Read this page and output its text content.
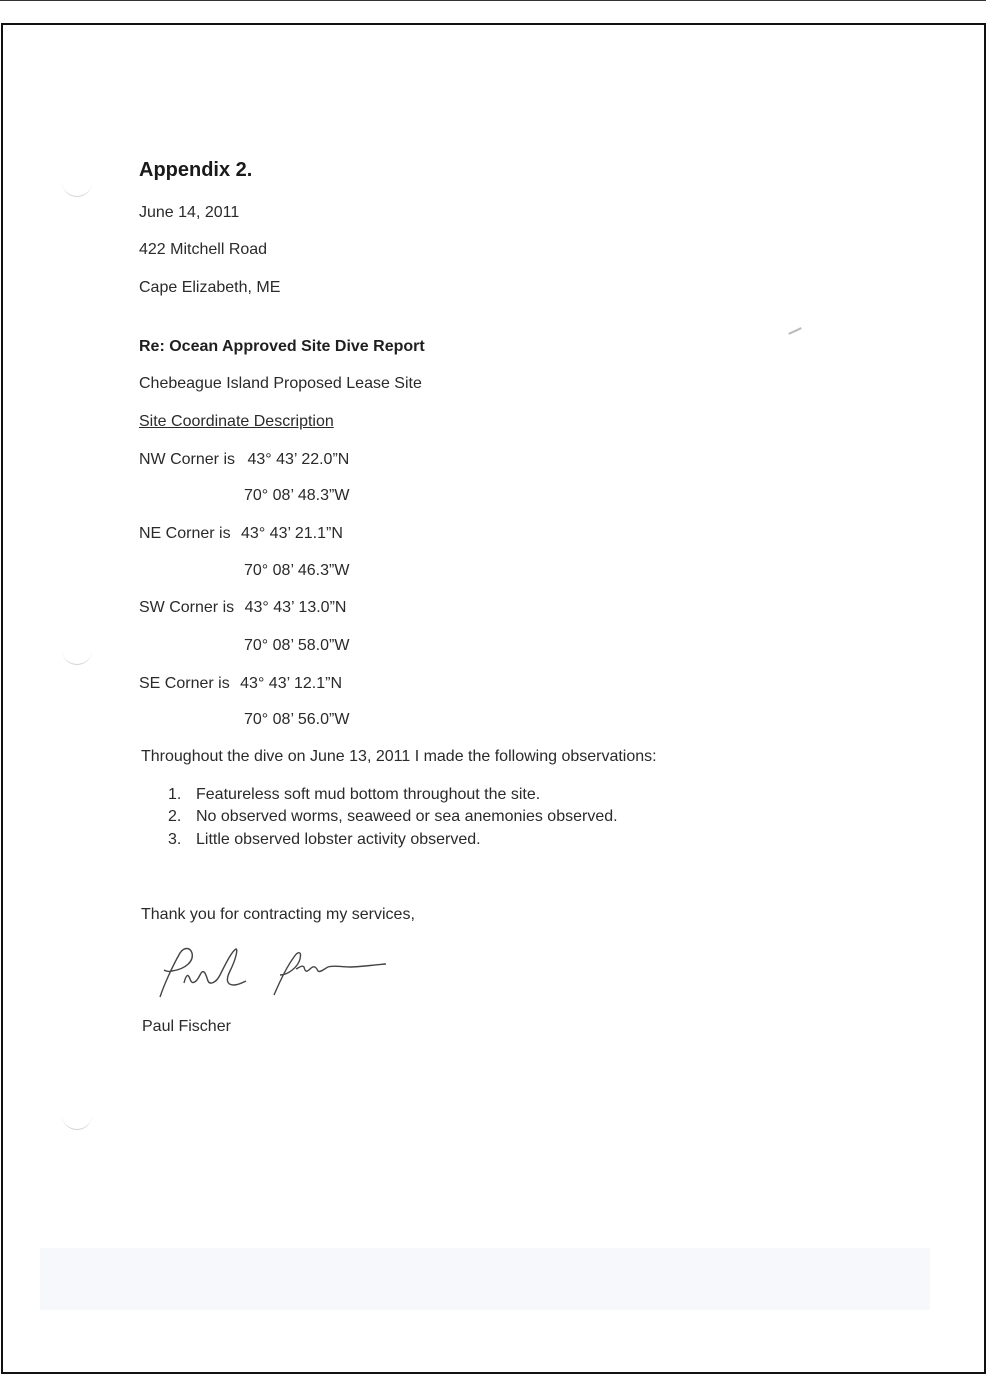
Appendix 2.
June 14, 2011
422 Mitchell Road
Cape Elizabeth, ME
Re: Ocean Approved Site Dive Report
Chebeague Island Proposed Lease Site
Site Coordinate Description
NW Corner is 43° 43’ 22.0”N
70° 08’ 48.3”W
NE Corner is 43° 43’ 21.1”N
70° 08’ 46.3”W
SW Corner is 43° 43’ 13.0”N
70° 08’ 58.0”W
SE Corner is 43° 43’ 12.1”N
70° 08’ 56.0”W
Throughout the dive on June 13, 2011 I made the following observations:
1. Featureless soft mud bottom throughout the site.
2. No observed worms, seaweed or sea anemonies observed.
3. Little observed lobster activity observed.
Thank you for contracting my services,
Paul Fischer
